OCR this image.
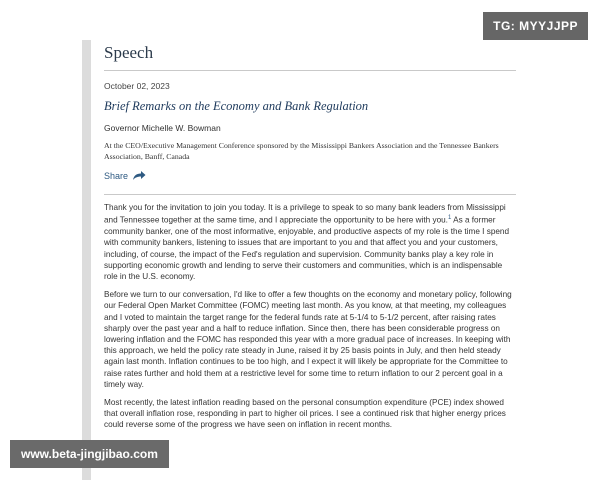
TG: MYYJJPP
Speech
October 02, 2023
Brief Remarks on the Economy and Bank Regulation
Governor Michelle W. Bowman
At the CEO/Executive Management Conference sponsored by the Mississippi Bankers Association and the Tennessee Bankers Association, Banff, Canada
Share

Thank you for the invitation to join you today. It is a privilege to speak to so many bank leaders from Mississippi and Tennessee together at the same time, and I appreciate the opportunity to be here with you.$^1$ As a former community banker, one of the most informative, enjoyable, and productive aspects of my role is the time I spend with community bankers, listening to issues that are important to you and that affect you and your customers, including, of course, the impact of the Fed's regulation and supervision. Community banks play a key role in supporting economic growth and lending to serve their customers and communities, which is an indispensable role in the U.S. economy.

Before we turn to our conversation, I'd like to offer a few thoughts on the economy and monetary policy, following our Federal Open Market Committee (FOMC) meeting last month. As you know, at that meeting, my colleagues and I voted to maintain the target range for the federal funds rate at 5-1/4 to 5-1/2 percent, after raising rates sharply over the past year and a half to reduce inflation. Since then, there has been considerable progress on lowering inflation and the FOMC has responded this year with a more gradual pace of increases. In keeping with this approach, we held the policy rate steady in June, raised it by 25 basis points in July, and then held steady again last month. Inflation continues to be too high, and I expect it will likely be appropriate for the Committee to raise rates further and hold them at a restrictive level for some time to return inflation to our 2 percent goal in a timely way.

Most recently, the latest inflation reading based on the personal consumption expenditure (PCE) index showed that overall inflation rose, responding in part to higher oil prices. I see a continued risk that higher energy prices could reverse some of the progress we have seen on inflation in recent months.

www.beta-jingjibao.com
